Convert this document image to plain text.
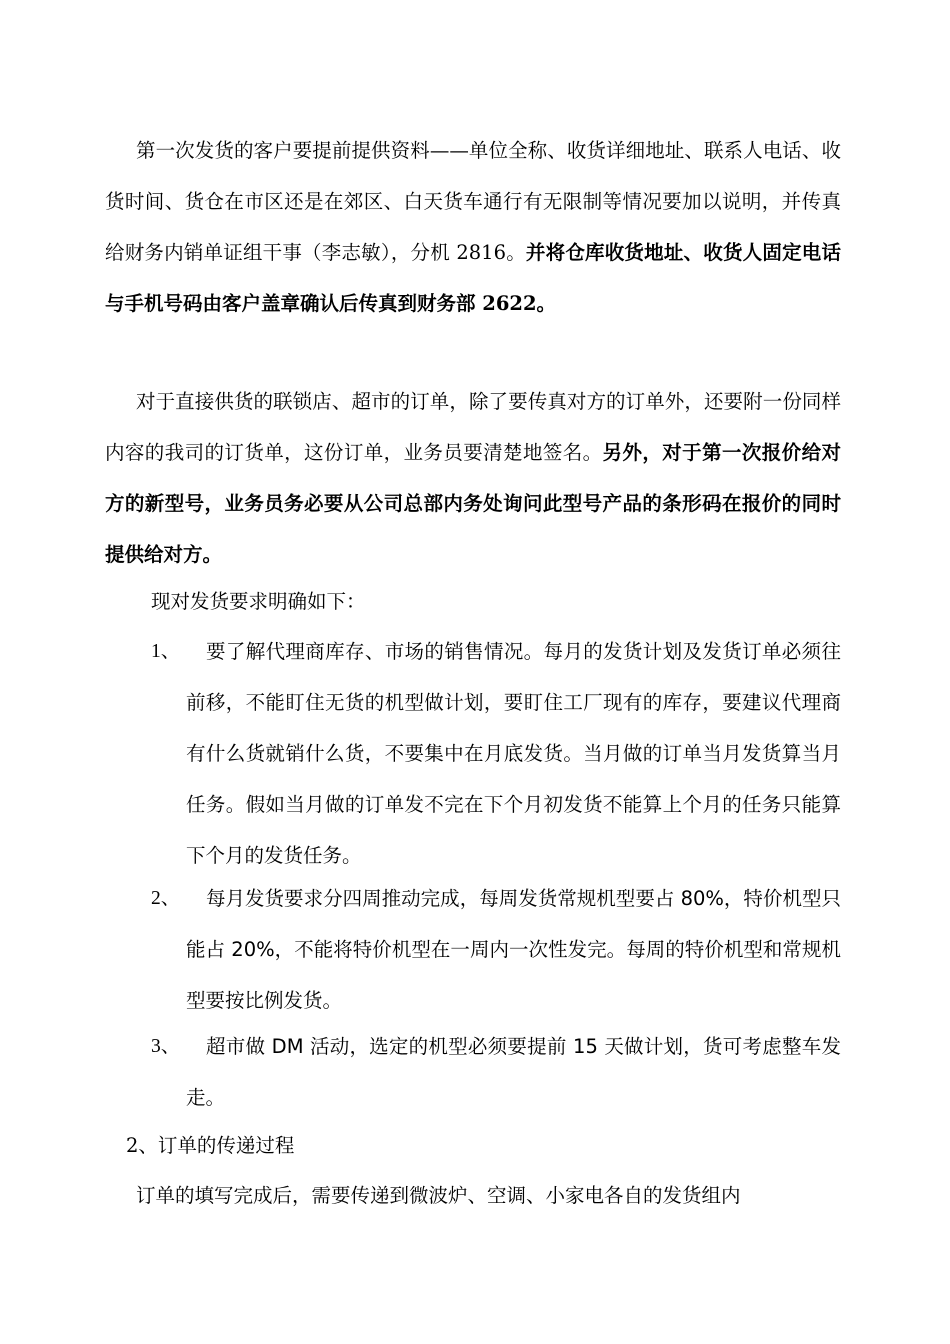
第一次发货的客户要提前提供资料——单位全称、收货详细地址、联系人电话、收货时间、货仓在市区还是在郊区、白天货车通行有无限制等情况要加以说明，并传真给财务内销单证组干事（李志敏），分机 2816。并将仓库收货地址、收货人固定电话与手机号码由客户盖章确认后传真到财务部 2622。

对于直接供货的联锁店、超市的订单，除了要传真对方的订单外，还要附一份同样内容的我司的订货单，这份订单，业务员要清楚地签名。另外，对于第一次报价给对方的新型号，业务员务必要从公司总部内务处询问此型号产品的条形码在报价的同时提供给对方。

现对发货要求明确如下：

1、	要了解代理商库存、市场的销售情况。每月的发货计划及发货订单必须往前移，不能盯住无货的机型做计划，要盯住工厂现有的库存，要建议代理商有什么货就销什么货，不要集中在月底发货。当月做的订单当月发货算当月任务。假如当月做的订单发不完在下个月初发货不能算上个月的任务只能算下个月的发货任务。

2、	每月发货要求分四周推动完成，每周发货常规机型要占 80%，特价机型只能占 20%，不能将特价机型在一周内一次性发完。每周的特价机型和常规机型要按比例发货。

3、	超市做 DM 活动，选定的机型必须要提前 15 天做计划，货可考虑整车发走。

2、订单的传递过程

订单的填写完成后，需要传递到微波炉、空调、小家电各自的发货组内
